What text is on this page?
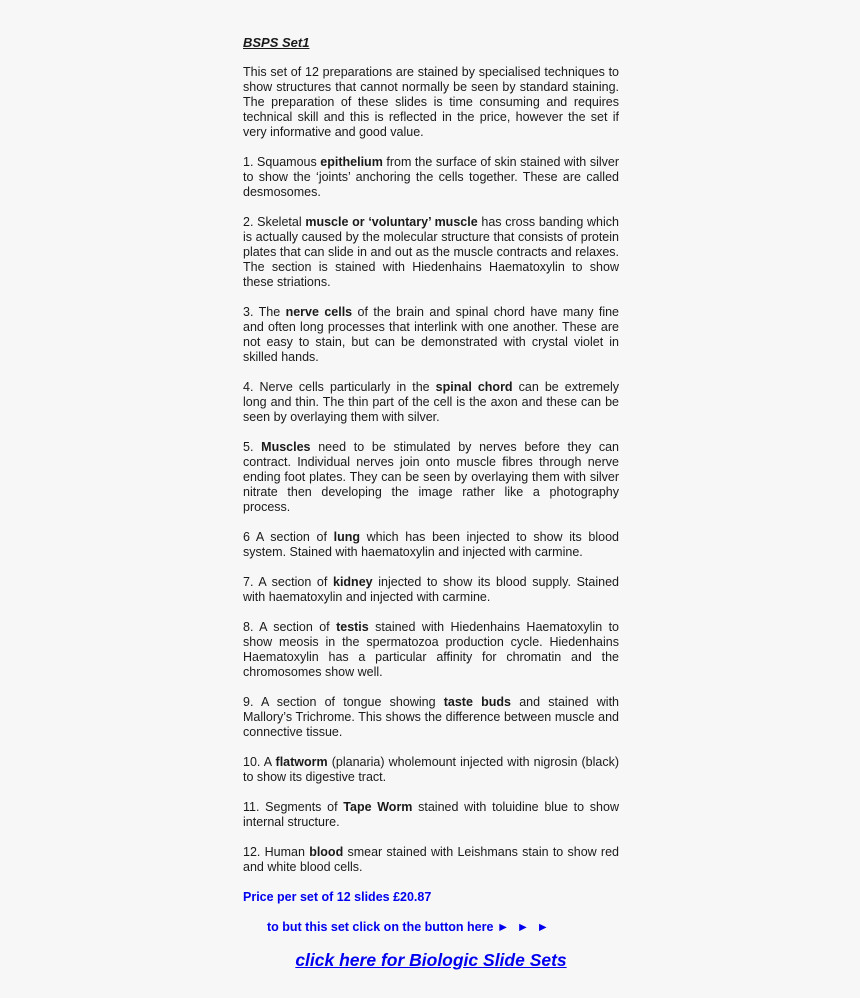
BSPS Set1

This set of 12 preparations are stained by specialised techniques to show structures that cannot normally be seen by standard staining. The preparation of these slides is time consuming and requires technical skill and this is reflected in the price, however the set if very informative and good value.

1. Squamous epithelium from the surface of skin stained with silver to show the ‘joints’ anchoring the cells together. These are called desmosomes.

2. Skeletal muscle or ‘voluntary’ muscle has cross banding which is actually caused by the molecular structure that consists of protein plates that can slide in and out as the muscle contracts and relaxes. The section is stained with Hiedenhains Haematoxylin to show these striations.

3. The nerve cells of the brain and spinal chord have many fine and often long processes that interlink with one another. These are not easy to stain, but can be demonstrated with crystal violet in skilled hands.

4. Nerve cells particularly in the spinal chord can be extremely long and thin. The thin part of the cell is the axon and these can be seen by overlaying them with silver.

5. Muscles need to be stimulated by nerves before they can contract. Individual nerves join onto muscle fibres through nerve ending foot plates. They can be seen by overlaying them with silver nitrate then developing the image rather like a photography process.

6 A section of lung which has been injected to show its blood system. Stained with haematoxylin and injected with carmine.

7. A section of kidney injected to show its blood supply. Stained with haematoxylin and injected with carmine.

8. A section of testis stained with Hiedenhains Haematoxylin to show meosis in the spermatozoa production cycle. Hiedenhains Haematoxylin has a particular affinity for chromatin and the chromosomes show well.

9. A section of tongue showing taste buds and stained with Mallory’s Trichrome. This shows the difference between muscle and connective tissue.

10. A flatworm (planaria) wholemount injected with nigrosin (black) to show its digestive tract.

11. Segments of Tape Worm stained with toluidine blue to show internal structure.

12. Human blood smear stained with Leishmans stain to show red and white blood cells.

Price per set of 12 slides £20.87

to but this set click on the button here ► ► ►

click here for Biologic Slide Sets
